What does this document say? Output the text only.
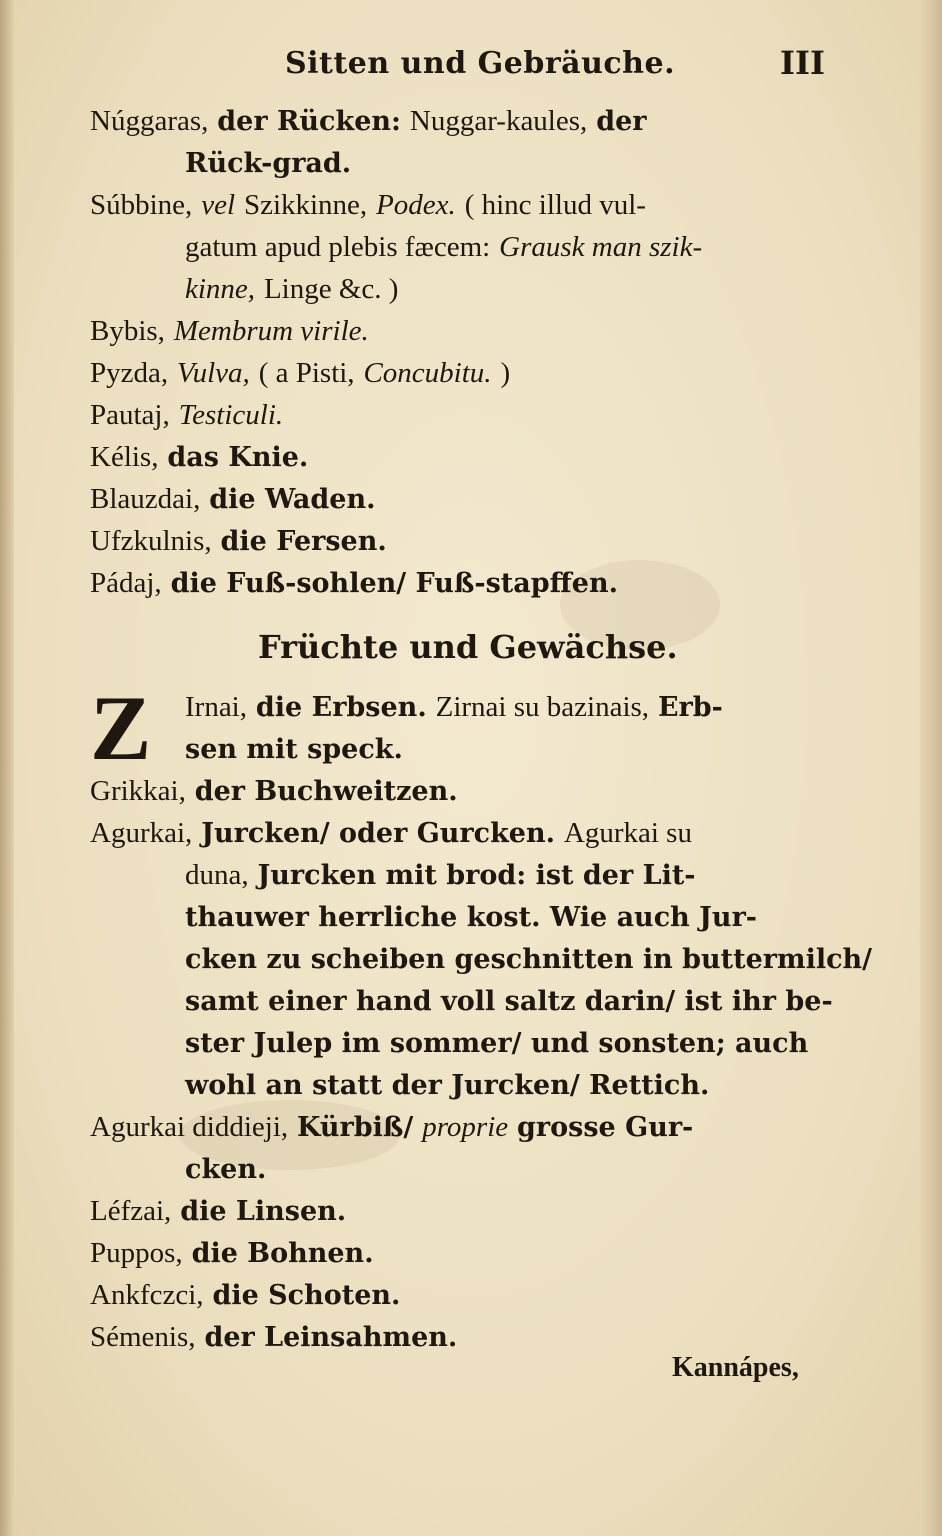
Sitten und Gebräuche.	III
Núggaras, der Rücken: Nuggar-kaules, der
Rück-grad.
Súbbine, vel Szikkinne, Podex. ( hinc illud vul-
gatum apud plebis fæcem: Grausk man szik-
kinne, Linge &c. )
Bybis, Membrum virile.
Pyzda, Vulva, ( a Pisti, Concubitu. )
Pautaj, Testiculi.
Kélis, das Knie.
Blauzdai, die Waden.
Ufzkulnis, die Fersen.
Pádaj, die Fuß-sohlen/ Fuß-stapffen.
Früchte und Gewächse.
Z	Irnai, die Erbsen. Zirnai su bazinais, Erb-
sen mit speck.
Grikkai, der Buchweitzen.
Agurkai, Jurcken/ oder Gurcken. Agurkai su
duna, Jurcken mit brod: ist der Lit-
thauwer herrliche kost. Wie auch Jur-
cken zu scheiben geschnitten in buttermilch/
samt einer hand voll saltz darin/ ist ihr be-
ster Julep im sommer/ und sonsten; auch
wohl an statt der Jurcken/ Rettich.
Agurkai diddieji, Kürbiß/ proprie grosse Gur-
cken.
Léfzai, die Linsen.
Puppos, die Bohnen.
Ankfczci, die Schoten.
Sémenis, der Leinsahmen.
Kannápes,
